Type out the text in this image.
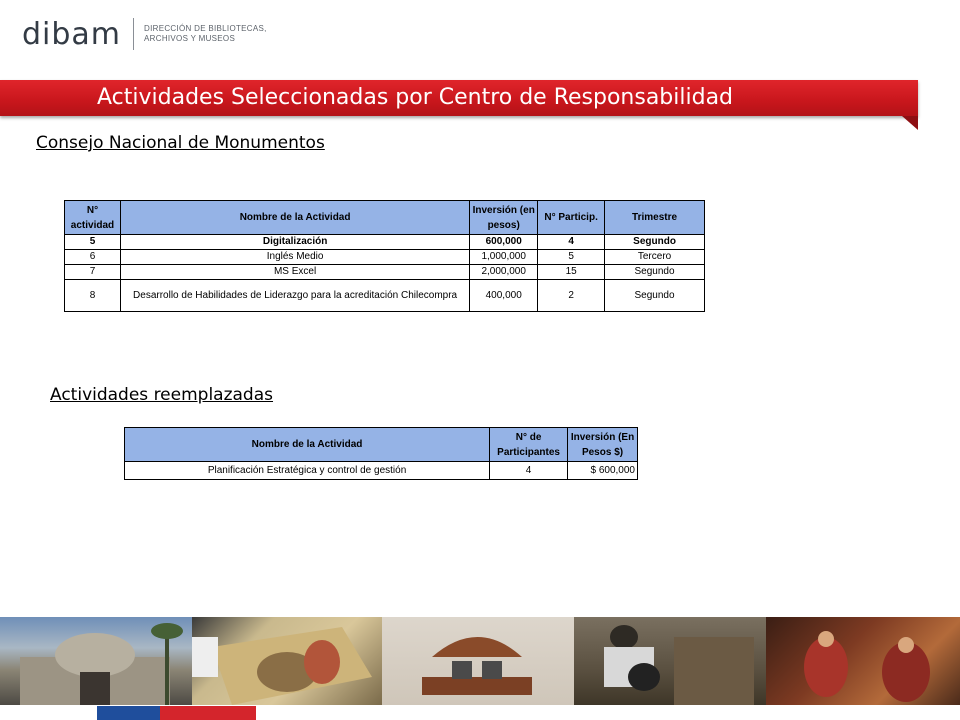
dibam	DIRECCIÓN DE BIBLIOTECAS,
ARCHIVOS Y MUSEOS
Actividades Seleccionadas por Centro de Responsabilidad
Consejo Nacional de Monumentos
N° actividad	Nombre de la Actividad	Inversión (en pesos)	N° Particip.	Trimestre
5	Digitalización	600,000	4	Segundo
6	Inglés Medio	1,000,000	5	Tercero
7	MS Excel	2,000,000	15	Segundo
8	Desarrollo de Habilidades de Liderazgo para la acreditación Chilecompra	400,000	2	Segundo
Actividades reemplazadas
Nombre de la Actividad	N° de Participantes	Inversión (En Pesos $)
Planificación Estratégica y control de gestión	4	$ 600,000
